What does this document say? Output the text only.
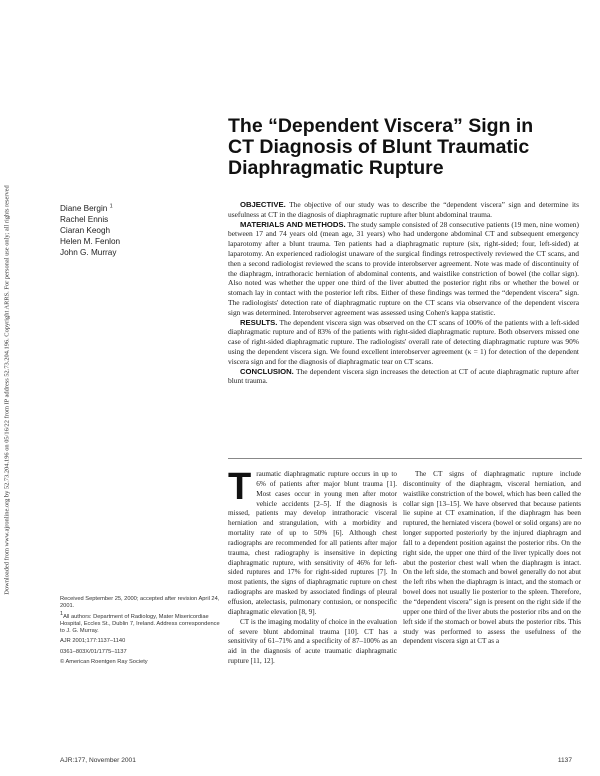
Downloaded from www.ajronline.org by 52.73.204.196 on 05/16/22 from IP address 52.73.204.196. Copyright ARRS. For personal use only; all rights reserved
The “Dependent Viscera” Sign in
CT Diagnosis of Blunt Traumatic
Diaphragmatic Rupture
Diane Bergin $^1$
Rachel Ennis
Ciaran Keogh
Helen M. Fenlon
John G. Murray

OBJECTIVE. The objective of our study was to describe the “dependent viscera” sign and determine its usefulness at CT in the diagnosis of diaphragmatic rupture after blunt abdominal trauma.

MATERIALS AND METHODS. The study sample consisted of 28 consecutive patients (19 men, nine women) between 17 and 74 years old (mean age, 31 years) who had undergone abdominal CT and subsequent emergency laparotomy after a blunt trauma. Ten patients had a diaphragmatic rupture (six, right-sided; four, left-sided) at laparotomy. An experienced radiologist unaware of the surgical findings retrospectively reviewed the CT scans, and then a second radiologist reviewed the scans to provide interobserver agreement. Note was made of discontinuity of the diaphragm, intrathoracic herniation of abdominal contents, and waistlike constriction of bowel (the collar sign). Also noted was whether the upper one third of the liver abutted the posterior right ribs or whether the bowel or stomach lay in contact with the posterior left ribs. Either of these findings was termed the “dependent viscera” sign. The radiologists' detection rate of diaphragmatic rupture on the CT scans via observance of the dependent viscera sign was determined. Interobserver agreement was assessed using Cohen's kappa statistic.

RESULTS. The dependent viscera sign was observed on the CT scans of 100% of the patients with a left-sided diaphragmatic rupture and of 83% of the patients with right-sided diaphragmatic rupture. Both observers missed one case of right-sided diaphragmatic rupture. The radiologists' overall rate of detecting diaphragmatic rupture was 90% using the dependent viscera sign. We found excellent interobserver agreement (κ = 1) for detection of the dependent viscera sign and for the diagnosis of diaphragmatic tear on CT scans.

CONCLUSION. The dependent viscera sign increases the detection at CT of acute diaphragmatic rupture after blunt trauma.

Traumatic diaphragmatic rupture occurs in up to 6% of patients after major blunt trauma [1]. Most cases occur in young men after motor vehicle accidents [2–5]. If the diagnosis is missed, patients may develop intrathoracic visceral herniation and strangulation, with a morbidity and mortality rate of up to 50% [6]. Although chest radiographs are recommended for all patients after major trauma, chest radiography is insensitive in depicting diaphragmatic rupture, with sensitivity of 46% for left-sided ruptures and 17% for right-sided ruptures [7]. In most patients, the signs of diaphragmatic rupture on chest radiographs are masked by associated findings of pleural effusion, atelectasis, pulmonary contusion, or nonspecific diaphragmatic elevation [8, 9].

CT is the imaging modality of choice in the evaluation of severe blunt abdominal trauma [10]. CT has a sensitivity of 61–71% and a specificity of 87–100% as an aid in the diagnosis of acute traumatic diaphragmatic rupture [11, 12].

The CT signs of diaphragmatic rupture include discontinuity of the diaphragm, visceral herniation, and waistlike constriction of the bowel, which has been called the collar sign [13–15]. We have observed that because patients lie supine at CT examination, if the diaphragm has been ruptured, the herniated viscera (bowel or solid organs) are no longer supported posteriorly by the injured diaphragm and fall to a dependent position against the posterior ribs. On the right side, the upper one third of the liver typically does not abut the posterior chest wall when the diaphragm is intact. On the left side, the stomach and bowel generally do not abut the left ribs when the diaphragm is intact, and the stomach or bowel does not usually lie posterior to the spleen. Therefore, the “dependent viscera” sign is present on the right side if the upper one third of the liver abuts the posterior ribs and on the left side if the stomach or bowel abuts the posterior ribs. This study was performed to assess the usefulness of the dependent viscera sign at CT as a

Received September 25, 2000; accepted after revision April 24, 2001.

$^1$All authors: Department of Radiology, Mater Misericordiae Hospital, Eccles St., Dublin 7, Ireland. Address correspondence to J. G. Murray.

AJR 2001;177:1137–1140

0361–803X/01/1775–1137

© American Roentgen Ray Society

AJR:177, November 2001	1137
